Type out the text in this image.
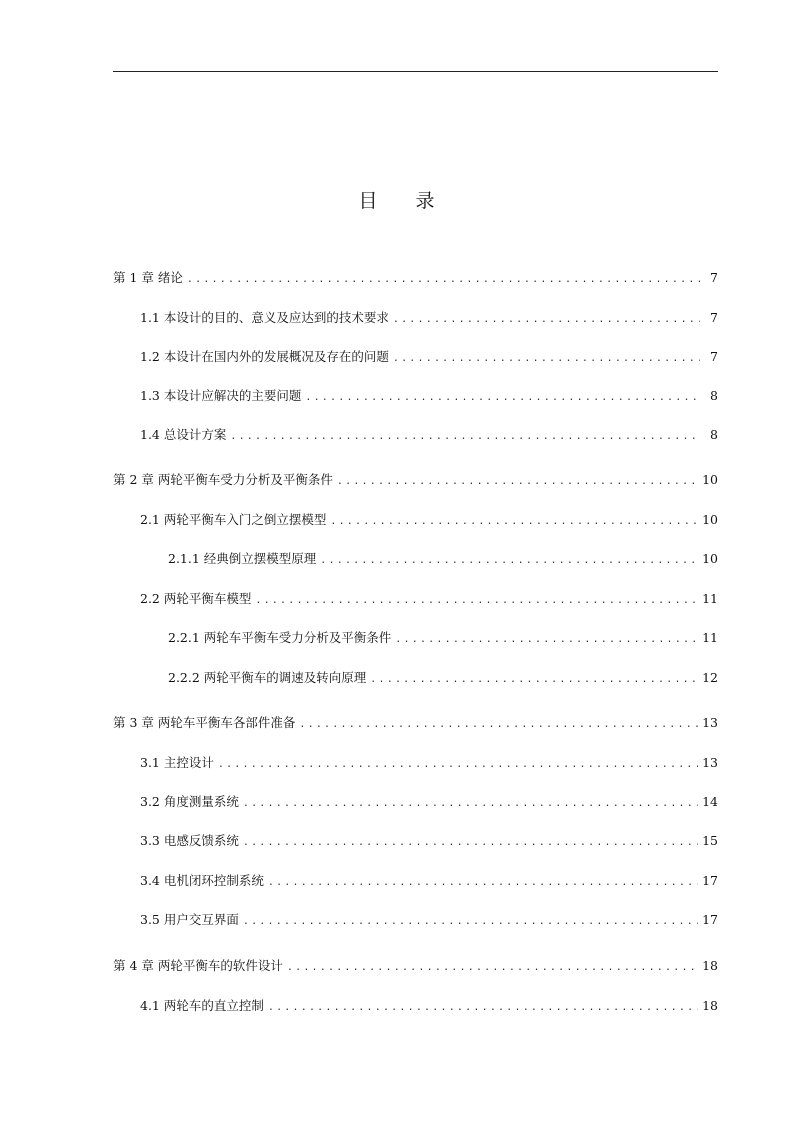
目 录
第 1 章 绪论 .....	7
1.1 本设计的目的、意义及应达到的技术要求 .....	7
1.2 本设计在国内外的发展概况及存在的问题 .....	7
1.3 本设计应解决的主要问题 .....	8
1.4 总设计方案 .....	8
第 2 章 两轮平衡车受力分析及平衡条件 .....	10
2.1 两轮平衡车入门之倒立摆模型 .....	10
2.1.1 经典倒立摆模型原理 .....	10
2.2 两轮平衡车模型 .....	11
2.2.1 两轮车平衡车受力分析及平衡条件 .....	11
2.2.2 两轮平衡车的调速及转向原理 .....	12
第 3 章 两轮车平衡车各部件准备 .....	13
3.1 主控设计 .....	13
3.2 角度测量系统 .....	14
3.3 电感反馈系统 .....	15
3.4 电机闭环控制系统 .....	17
3.5 用户交互界面 .....	17
第 4 章 两轮平衡车的软件设计 .....	18
4.1 两轮车的直立控制 .....	18
